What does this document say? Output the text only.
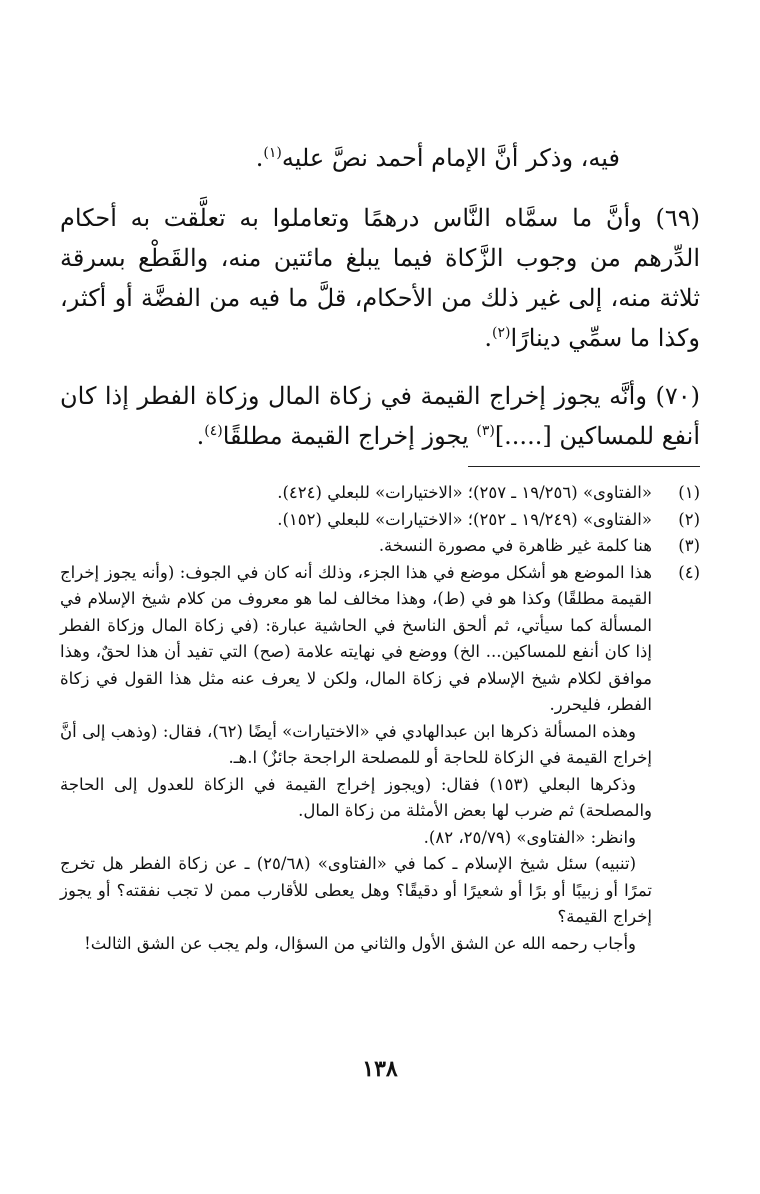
فيه، وذكر أنَّ الإمام أحمد نصَّ عليه$^{(١)}$.
(٦٩) وأنَّ ما سمَّاه النَّاس درهمًا وتعاملوا به تعلَّقت به أحكام الدِّرهم من وجوب الزَّكاة فيما يبلغ مائتين منه، والقَطْع بسرقة ثلاثة منه، إلى غير ذلك من الأحكام، قلَّ ما فيه من الفضَّة أو أكثر، وكذا ما سمِّي دينارًا$^{(٢)}$.
(٧٠) وأنَّه يجوز إخراج القيمة في زكاة المال وزكاة الفطر إذا كان أنفع للمساكين [.....]$^{(٣)}$ يجوز إخراج القيمة مطلقًا$^{(٤)}$.
(١)

«الفتاوى» (١٩/٢٥٦ ـ ٢٥٧)؛ «الاختيارات» للبعلي (٤٢٤).

(٢)

«الفتاوى» (١٩/٢٤٩ ـ ٢٥٢)؛ «الاختيارات» للبعلي (١٥٢).

(٣)

هنا كلمة غير ظاهرة في مصورة النسخة.

(٤)

هذا الموضع هو أشكل موضع في هذا الجزء، وذلك أنه كان في الجوف: (وأنه يجوز إخراج القيمة مطلقًا) وكذا هو في (ط)، وهذا مخالف لما هو معروف من كلام شيخ الإسلام في المسألة كما سيأتي، ثم ألحق الناسخ في الحاشية عبارة: (في زكاة المال وزكاة الفطر إذا كان أنفع للمساكين... الخ) ووضع في نهايته علامة (صح) التي تفيد أن هذا لحقٌ، وهذا موافق لكلام شيخ الإسلام في زكاة المال، ولكن لا يعرف عنه مثل هذا القول في زكاة الفطر، فليحرر.

وهذه المسألة ذكرها ابن عبدالهادي في «الاختيارات» أيضًا (٦٢)، فقال: (وذهب إلى أنَّ إخراج القيمة في الزكاة للحاجة أو للمصلحة الراجحة جائزٌ) ا.هـ.

وذكرها البعلي (١٥٣) فقال: (ويجوز إخراج القيمة في الزكاة للعدول إلى الحاجة والمصلحة) ثم ضرب لها بعض الأمثلة من زكاة المال.

وانظر: «الفتاوى» (٢٥/٧٩، ٨٢).

(تنبيه) سئل شيخ الإسلام ـ كما في «الفتاوى» (٢٥/٦٨) ـ عن زكاة الفطر هل تخرج تمرًا أو زبيبًا أو برًا أو شعيرًا أو دقيقًا؟ وهل يعطى للأقارب ممن لا تجب نفقته؟ أو يجوز إخراج القيمة؟

وأجاب رحمه الله عن الشق الأول والثاني من السؤال، ولم يجب عن الشق الثالث!

١٣٨
